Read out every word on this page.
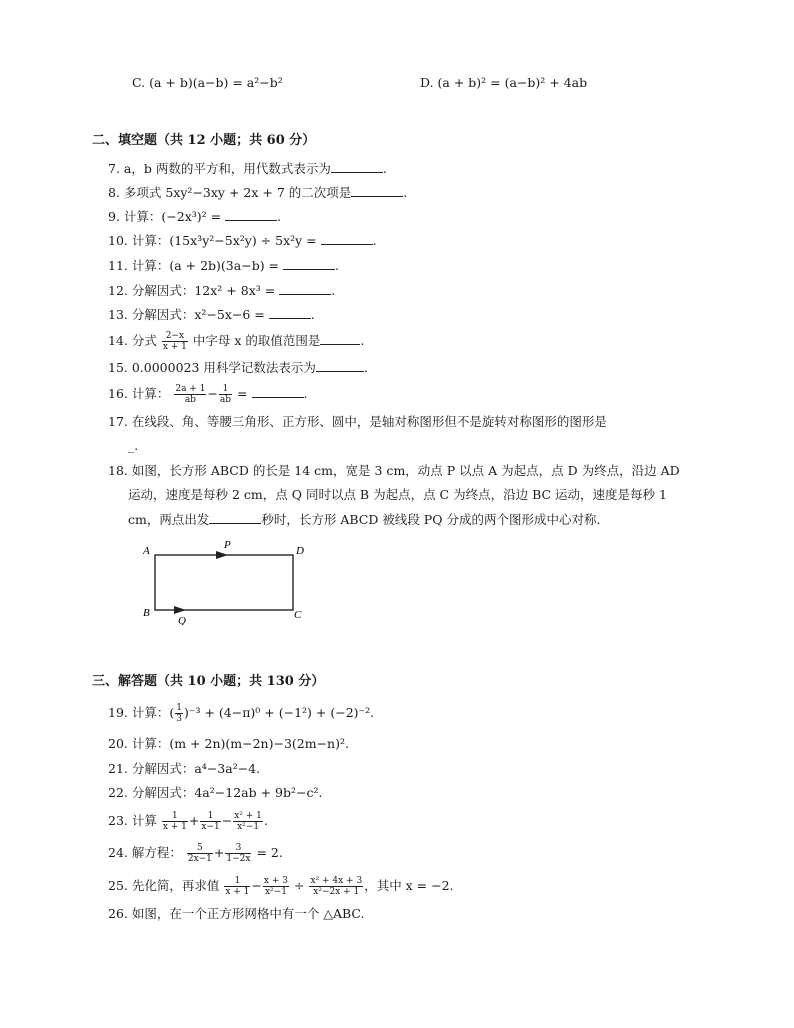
C. (a + b)(a−b) = a²−b²	D. (a + b)² = (a−b)² + 4ab
二、填空题（共 12 小题；共 60 分）
7. a，b 两数的平方和，用代数式表示为	.
8. 多项式 5xy²−3xy + 2x + 7 的二次项是	.
9. 计算：(−2x³)² =	.
10. 计算：(15x³y²−5x²y) ÷ 5x²y =	.
11. 计算：(a + 2b)(3a−b) =	.
12. 分解因式：12x² + 8x³ =	.
13. 分解因式：x²−5x−6 =	.
14. 分式 $\frac{2-x}{x + 1}$ 中字母 x 的取值范围是	.
15. 0.0000023 用科学记数法表示为	.
16. 计算： $\frac{2a + 1}{ab} - \frac{1}{ab}$ =	.
17. 在线段、角、等腰三角形、正方形、圆中，是轴对称图形但不是旋转对称图形的图形是
_.
18. 如图，长方形 ABCD 的长是 14 cm，宽是 3 cm，动点 P 以点 A 为起点，点 D 为终点，沿边 AD
运动，速度是每秒 2 cm，点 Q 同时以点 B 为起点，点 C 为终点，沿边 BC 运动，速度是每秒 1
cm，两点出发	秒时，长方形 ABCD 被线段 PQ 分成的两个图形成中心对称.
A	P	D
B
Q	C
三、解答题（共 10 小题；共 130 分）
19. 计算：( $\frac{1}{3} )^{-3} + (4-\pi)^0 + (-1^2) + (-2)^{-2}$.
20. 计算：(m + 2n)(m−2n)−3(2m−n)².
21. 分解因式：a⁴−3a²−4.
22. 分解因式：4a²−12ab + 9b²−c².
23. 计算 $\frac{1}{x + 1} + \frac{1}{x-1} - \frac{\text{x² + 1}}{\text{x²−1}}$ .
24. 解方程： $\frac{5}{2x-1} + \frac{3}{1-2x} = 2$.
25. 先化简，再求值 $\frac{1}{x + 1} - \frac{x + 3}{\text{x²−1}} \div \frac{\text{x² + 4x + 3}}{\text{x²−2x + 1}}$ ，其中 x = −2.
26. 如图，在一个正方形网格中有一个 △ABC.
